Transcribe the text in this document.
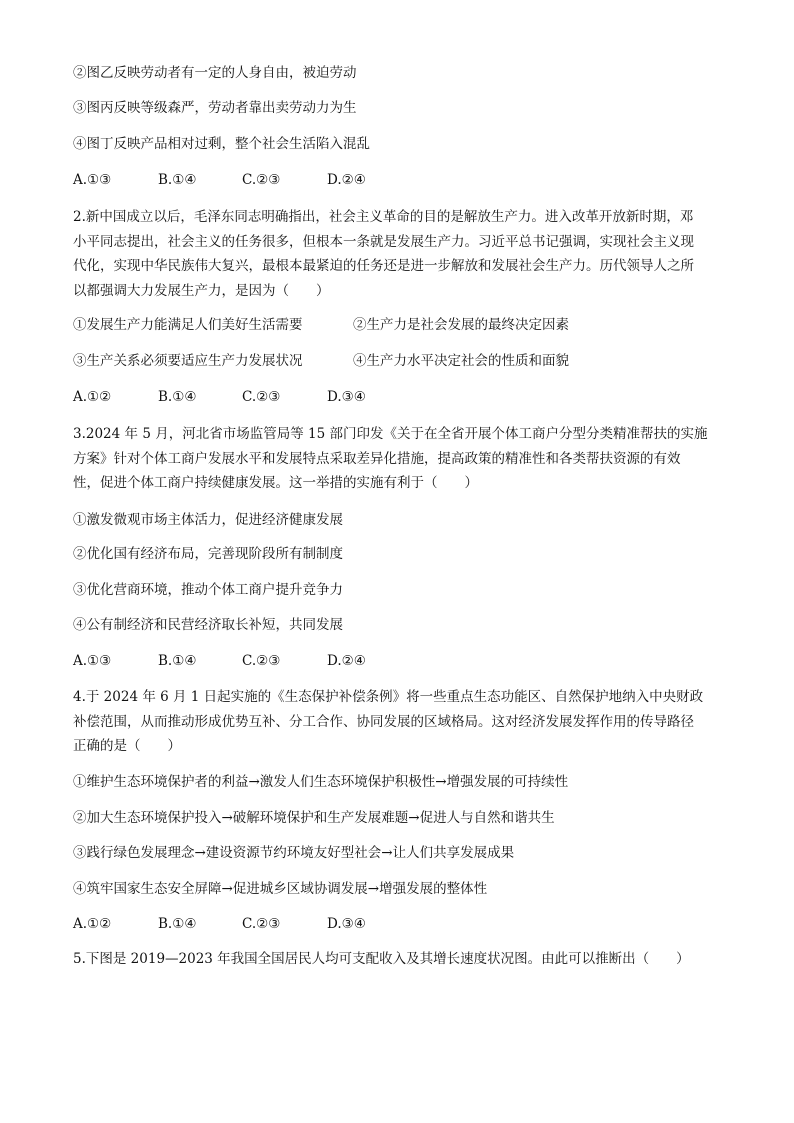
②图乙反映劳动者有一定的人身自由，被迫劳动
③图丙反映等级森严，劳动者靠出卖劳动力为生
④图丁反映产品相对过剩，整个社会生活陷入混乱
A.①③	B.①④	C.②③	D.②④
2.新中国成立以后，毛泽东同志明确指出，社会主义革命的目的是解放生产力。进入改革开放新时期，邓
小平同志提出，社会主义的任务很多，但根本一条就是发展生产力。习近平总书记强调，实现社会主义现
代化，实现中华民族伟大复兴，最根本最紧迫的任务还是进一步解放和发展社会生产力。历代领导人之所
以都强调大力发展生产力，是因为（　　）
①发展生产力能满足人们美好生活需要	②生产力是社会发展的最终决定因素
③生产关系必须要适应生产力发展状况	④生产力水平决定社会的性质和面貌
A.①②	B.①④	C.②③	D.③④
3.2024 年 5 月，河北省市场监管局等 15 部门印发《关于在全省开展个体工商户分型分类精准帮扶的实施
方案》针对个体工商户发展水平和发展特点采取差异化措施，提高政策的精准性和各类帮扶资源的有效
性，促进个体工商户持续健康发展。这一举措的实施有利于（　　）
①激发微观市场主体活力，促进经济健康发展
②优化国有经济布局，完善现阶段所有制制度
③优化营商环境，推动个体工商户提升竞争力
④公有制经济和民营经济取长补短，共同发展
A.①③	B.①④	C.②③	D.②④
4.于 2024 年 6 月 1 日起实施的《生态保护补偿条例》将一些重点生态功能区、自然保护地纳入中央财政
补偿范围，从而推动形成优势互补、分工合作、协同发展的区域格局。这对经济发展发挥作用的传导路径
正确的是（　　）
①维护生态环境保护者的利益→激发人们生态环境保护积极性→增强发展的可持续性
②加大生态环境保护投入→破解环境保护和生产发展难题→促进人与自然和谐共生
③践行绿色发展理念→建设资源节约环境友好型社会→让人们共享发展成果
④筑牢国家生态安全屏障→促进城乡区域协调发展→增强发展的整体性
A.①②	B.①④	C.②③	D.③④
5.下图是 2019—2023 年我国全国居民人均可支配收入及其增长速度状况图。由此可以推断出（　　）
